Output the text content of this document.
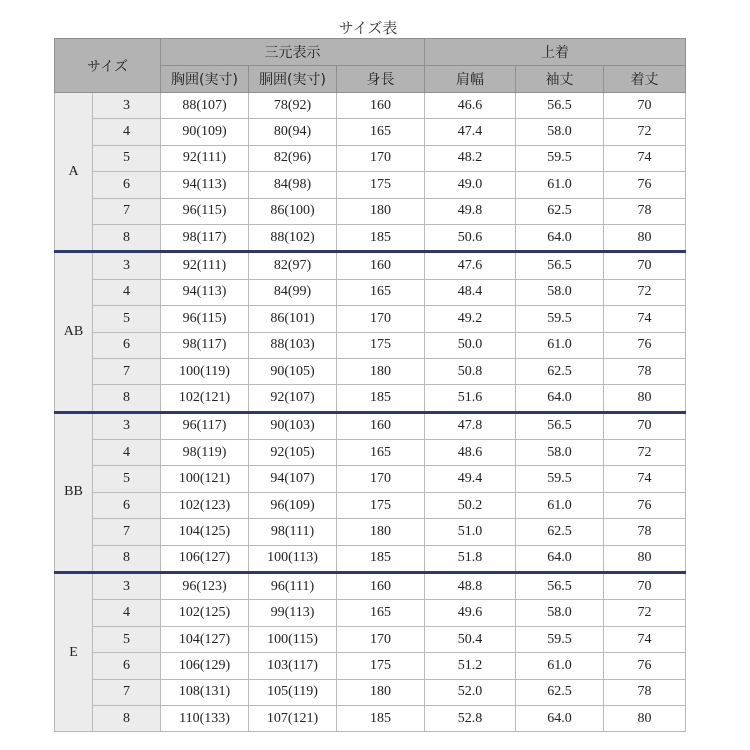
サイズ表
サイズ		三元表示			上着		
		胸囲(実寸)	胴囲(実寸)	身長	肩幅	袖丈	着丈
A	3	88(107)	78(92)	160	46.6	56.5	70
	4	90(109)	80(94)	165	47.4	58.0	72
	5	92(111)	82(96)	170	48.2	59.5	74
	6	94(113)	84(98)	175	49.0	61.0	76
	7	96(115)	86(100)	180	49.8	62.5	78
	8	98(117)	88(102)	185	50.6	64.0	80
AB	3	92(111)	82(97)	160	47.6	56.5	70
	4	94(113)	84(99)	165	48.4	58.0	72
	5	96(115)	86(101)	170	49.2	59.5	74
	6	98(117)	88(103)	175	50.0	61.0	76
	7	100(119)	90(105)	180	50.8	62.5	78
	8	102(121)	92(107)	185	51.6	64.0	80
BB	3	96(117)	90(103)	160	47.8	56.5	70
	4	98(119)	92(105)	165	48.6	58.0	72
	5	100(121)	94(107)	170	49.4	59.5	74
	6	102(123)	96(109)	175	50.2	61.0	76
	7	104(125)	98(111)	180	51.0	62.5	78
	8	106(127)	100(113)	185	51.8	64.0	80
E	3	96(123)	96(111)	160	48.8	56.5	70
	4	102(125)	99(113)	165	49.6	58.0	72
	5	104(127)	100(115)	170	50.4	59.5	74
	6	106(129)	103(117)	175	51.2	61.0	76
	7	108(131)	105(119)	180	52.0	62.5	78
	8	110(133)	107(121)	185	52.8	64.0	80
